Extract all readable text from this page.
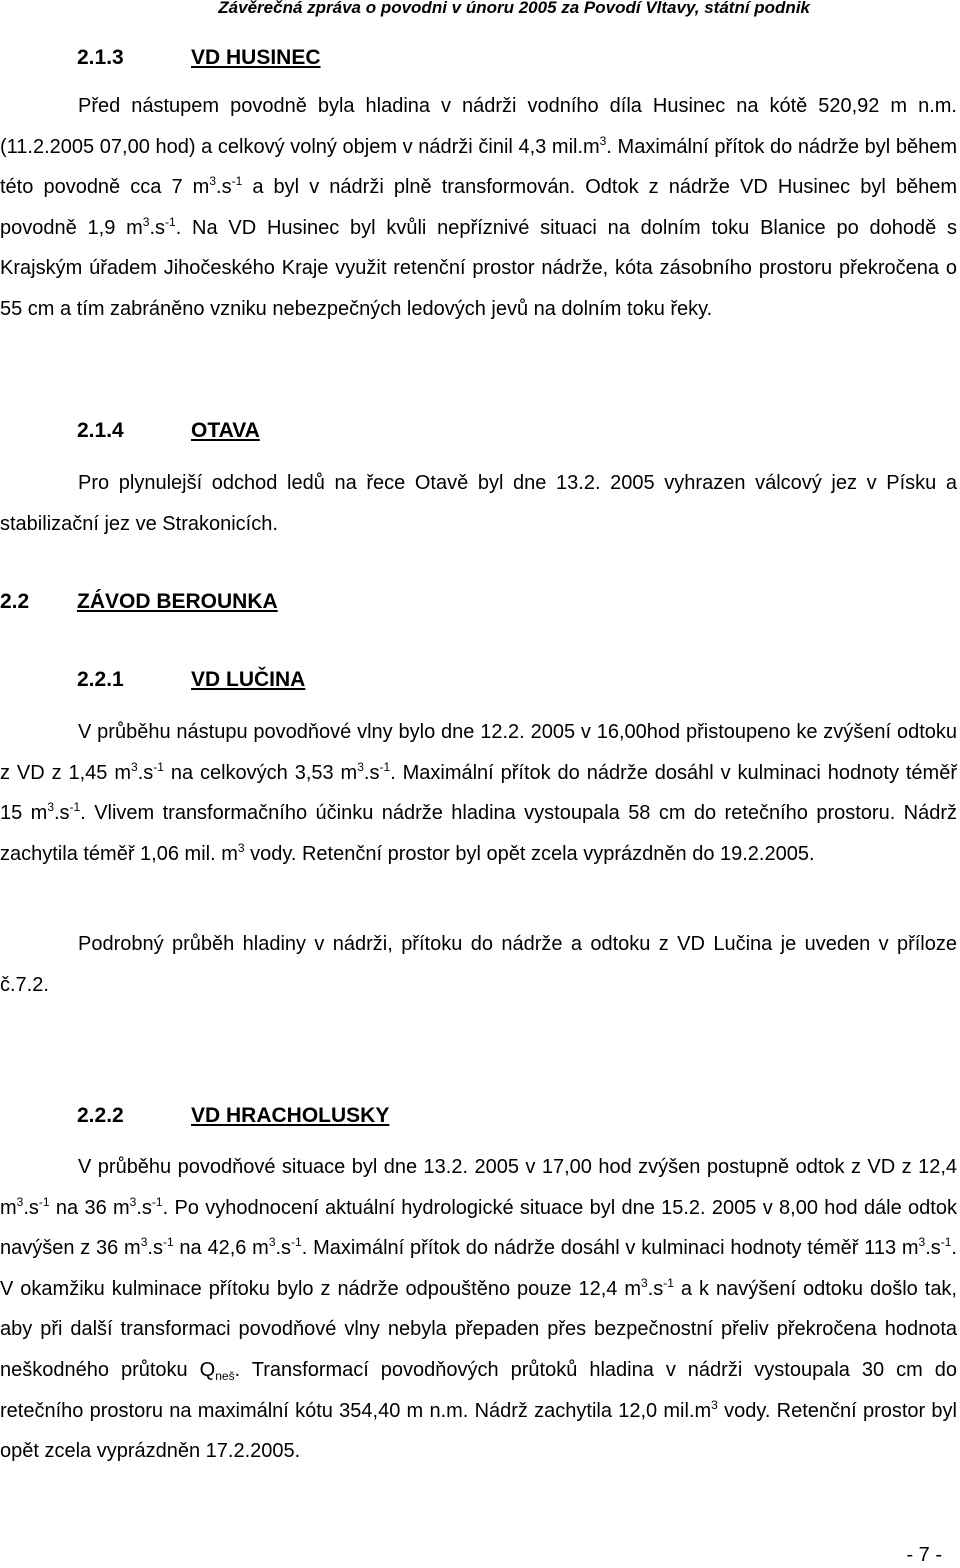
Závěrečná zpráva o povodni v únoru 2005 za Povodí Vltavy, státní podnik
2.1.3	VD HUSINEC
Před nástupem povodně byla hladina v nádrži vodního díla Husinec na kótě 520,92 m n.m. (11.2.2005 07,00 hod) a celkový volný objem v nádrži činil 4,3 $mil.m^3$. Maximální přítok do nádrže byl během této povodně cca 7 $m^3.s^{-1}$ a byl v nádrži plně transformován. Odtok z nádrže VD Husinec byl během povodně 1,9 $m^3.s^{-1}$. Na VD Husinec byl kvůli nepříznivé situaci na dolním toku Blanice po dohodě s Krajským úřadem Jihočeského Kraje využit retenční prostor nádrže, kóta zásobního prostoru překročena o 55 cm a tím zabráněno vzniku nebezpečných ledových jevů na dolním toku řeky.
2.1.4	OTAVA
Pro plynulejší odchod ledů na řece Otavě byl dne 13.2. 2005 vyhrazen válcový jez v Písku a stabilizační jez ve Strakonicích.
2.2 ZÁVOD BEROUNKA
2.2.1	VD LUČINA
V průběhu nástupu povodňové vlny bylo dne 12.2. 2005 v 16,00hod přistoupeno ke zvýšení odtoku z VD z 1,45 $m^3.s^{-1}$ na celkových 3,53 $m^3.s^{-1}$. Maximální přítok do nádrže dosáhl v kulminaci hodnoty téměř 15 $m^3.s^{-1}$. Vlivem transformačního účinku nádrže hladina vystoupala 58 cm do retečního prostoru. Nádrž zachytila téměř 1,06 mil. $m^3$ vody. Retenční prostor byl opět zcela vyprázdněn do 19.2.2005.
Podrobný průběh hladiny v nádrži, přítoku do nádrže a odtoku z VD Lučina je uveden v příloze č.7.2.
2.2.2	VD HRACHOLUSKY
V průběhu povodňové situace byl dne 13.2. 2005 v 17,00 hod zvýšen postupně odtok z VD z 12,4 $m^3.s^{-1}$ na 36 $m^3.s^{-1}$. Po vyhodnocení aktuální hydrologické situace byl dne 15.2. 2005 v 8,00 hod dále odtok navýšen z 36 $m^3.s^{-1}$ na 42,6 $m^3.s^{-1}$. Maximální přítok do nádrže dosáhl v kulminaci hodnoty téměř 113 $m^3.s^{-1}$. V okamžiku kulminace přítoku bylo z nádrže odpouštěno pouze 12,4 $m^3.s^{-1}$ a k navýšení odtoku došlo tak, aby při další transformaci povodňové vlny nebyla přepaden přes bezpečnostní přeliv překročena hodnota neškodného průtoku $Q_{neš}$. Transformací povodňových průtoků hladina v nádrži vystoupala 30 cm do retečního prostoru na maximální kótu 354,40 m n.m. Nádrž zachytila 12,0 $mil.m^3$ vody. Retenční prostor byl opět zcela vyprázdněn 17.2.2005.
- 7 -
